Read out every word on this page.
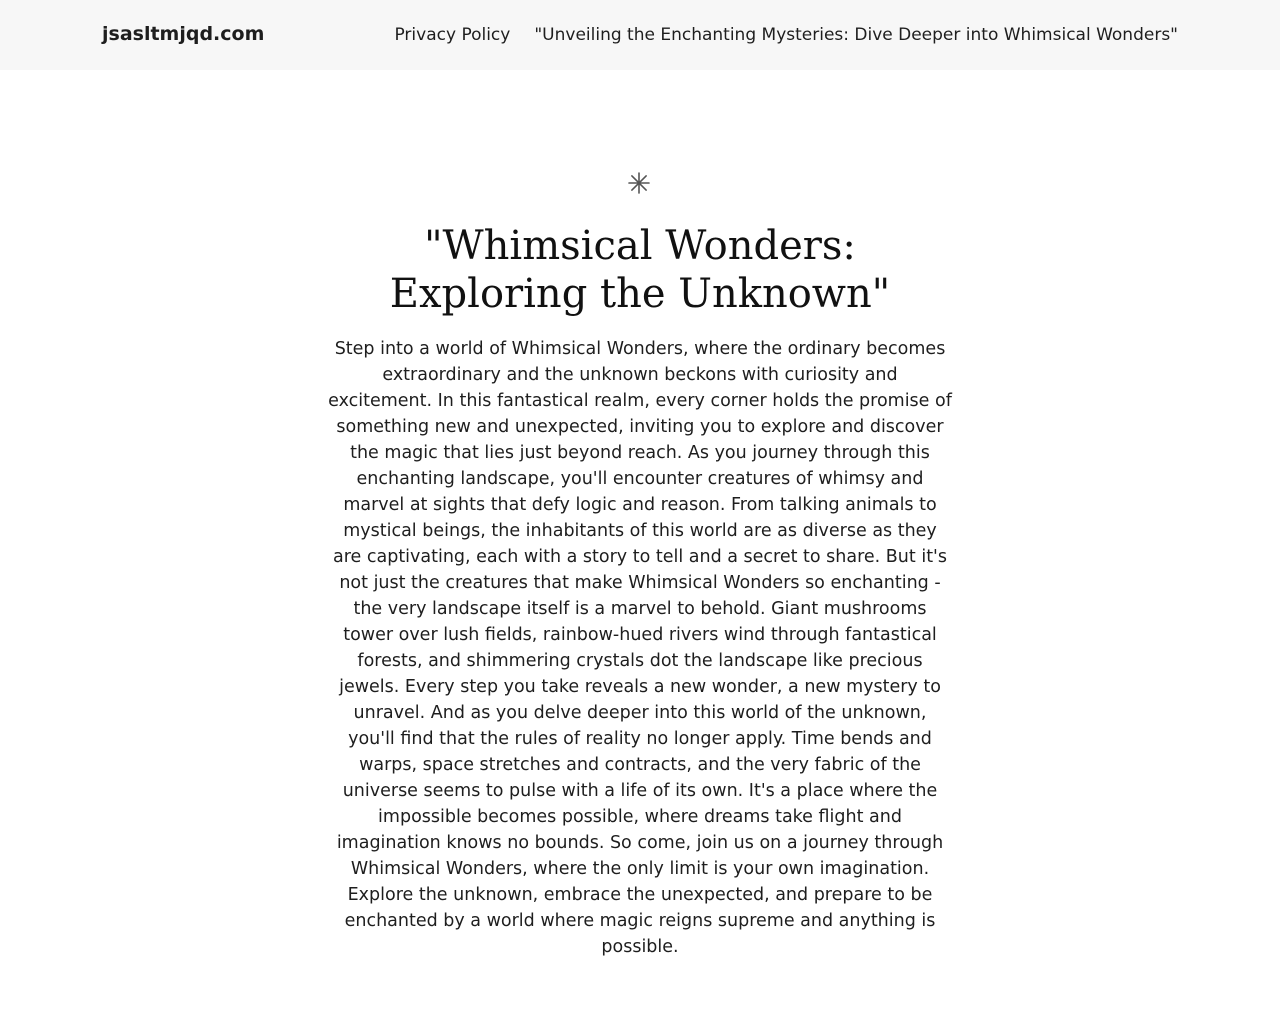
jsasltmjqd.com	Privacy Policy "Unveiling the Enchanting Mysteries: Dive Deeper into Whimsical Wonders"
"Whimsical Wonders: Exploring the Unknown"

Step into a world of Whimsical Wonders, where the ordinary becomes extraordinary and the unknown beckons with curiosity and excitement. In this fantastical realm, every corner holds the promise of something new and unexpected, inviting you to explore and discover the magic that lies just beyond reach. As you journey through this enchanting landscape, you'll encounter creatures of whimsy and marvel at sights that defy logic and reason. From talking animals to mystical beings, the inhabitants of this world are as diverse as they are captivating, each with a story to tell and a secret to share. But it's not just the creatures that make Whimsical Wonders so enchanting - the very landscape itself is a marvel to behold. Giant mushrooms tower over lush fields, rainbow-hued rivers wind through fantastical forests, and shimmering crystals dot the landscape like precious jewels. Every step you take reveals a new wonder, a new mystery to unravel. And as you delve deeper into this world of the unknown, you'll find that the rules of reality no longer apply. Time bends and warps, space stretches and contracts, and the very fabric of the universe seems to pulse with a life of its own. It's a place where the impossible becomes possible, where dreams take flight and imagination knows no bounds. So come, join us on a journey through Whimsical Wonders, where the only limit is your own imagination. Explore the unknown, embrace the unexpected, and prepare to be enchanted by a world where magic reigns supreme and anything is possible.
